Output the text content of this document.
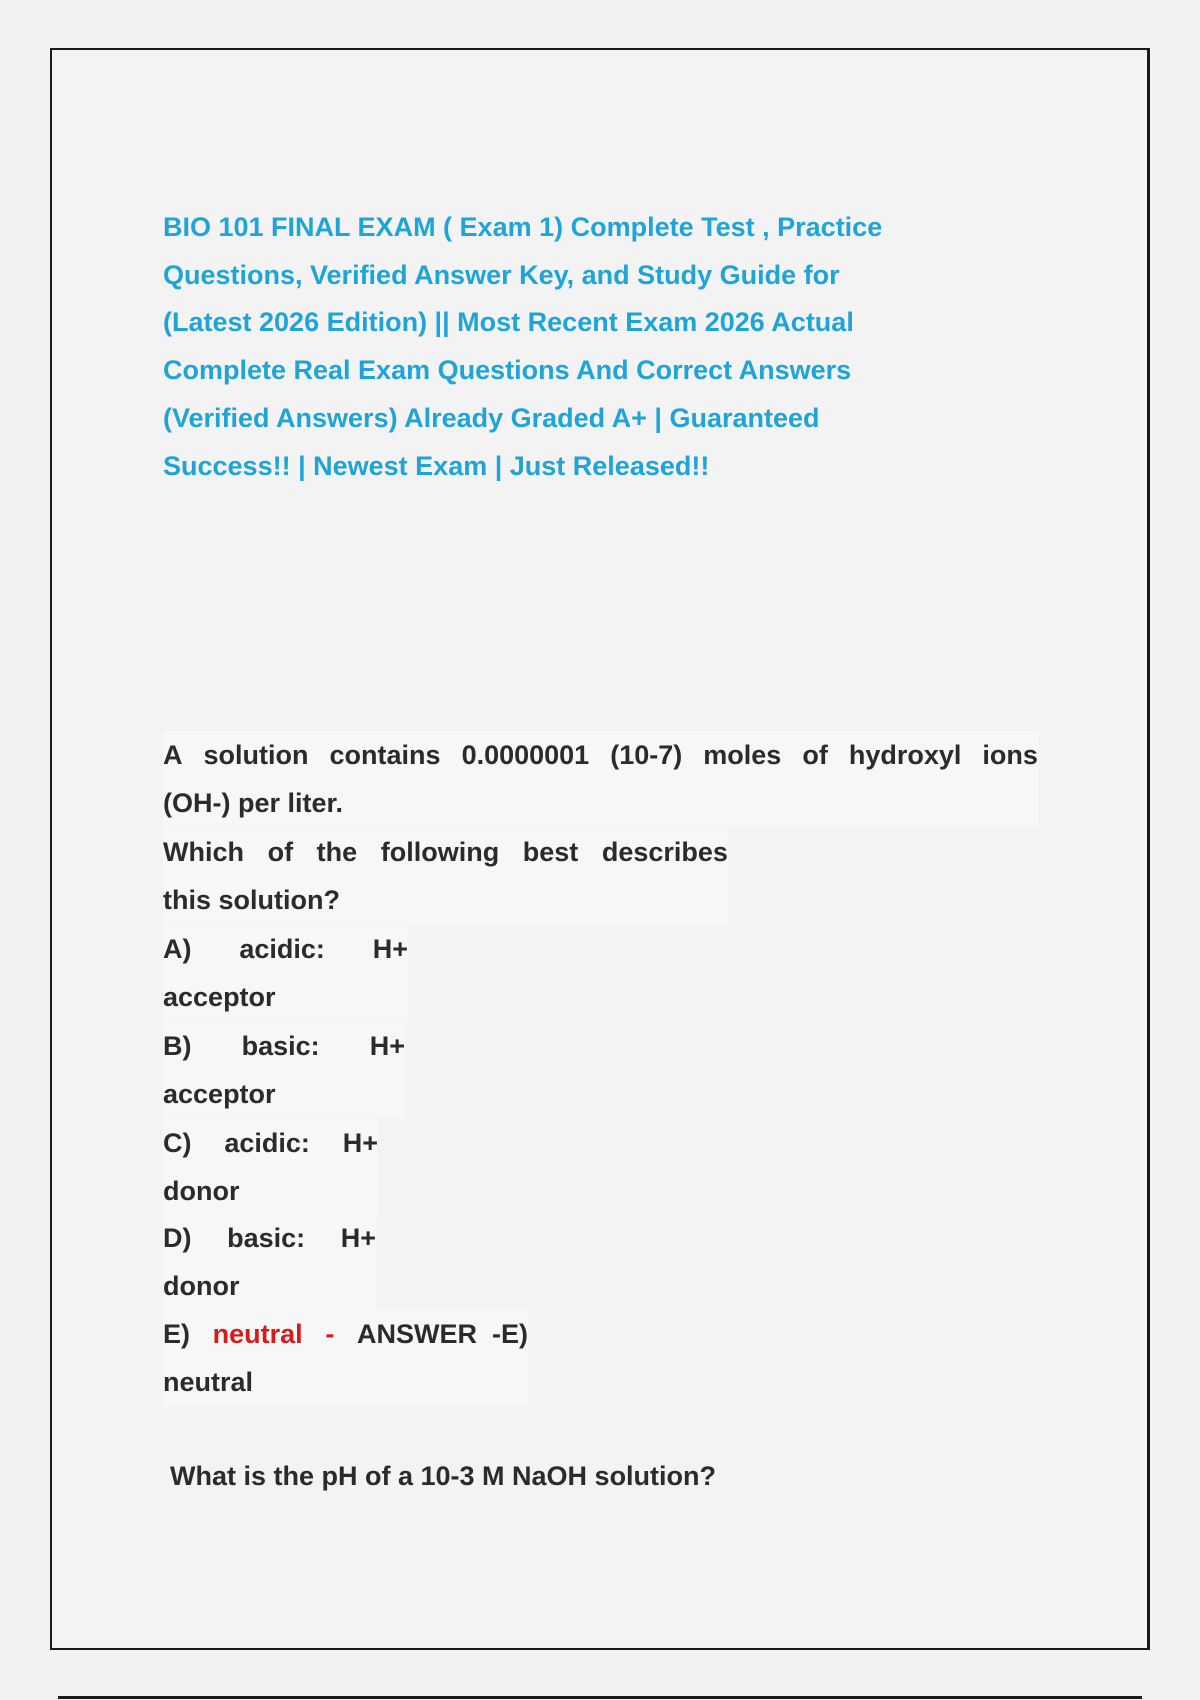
BIO 101 FINAL EXAM ( Exam 1) Complete Test , Practice
Questions, Verified Answer Key, and Study Guide for
(Latest 2026 Edition) || Most Recent Exam 2026 Actual
Complete Real Exam Questions And Correct Answers
(Verified Answers) Already Graded A+ | Guaranteed
Success!! | Newest Exam | Just Released!!
A solution contains 0.0000001 (10-7) moles of hydroxyl ions
(OH-) per liter.
Which of the following best describes
this solution?
A) acidic: H+
acceptor
B) basic: H+
acceptor
C) acidic: H+
donor
D) basic: H+
donor
E) neutral - ANSWER  -E)
neutral
What is the pH of a 10-3 M NaOH solution?
